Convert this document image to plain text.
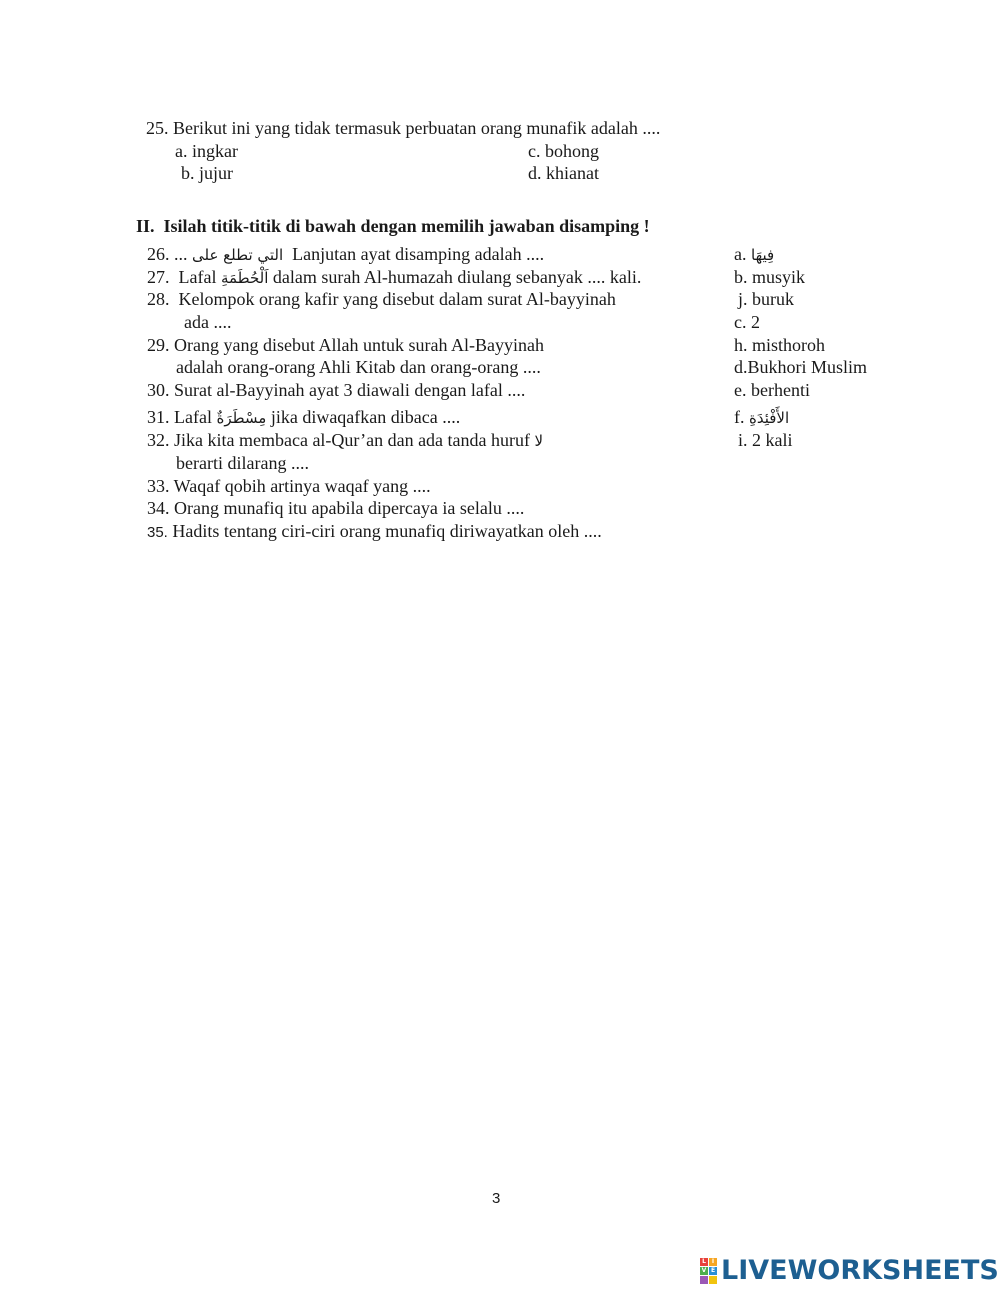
25. Berikut ini yang tidak termasuk perbuatan orang munafik adalah ....
a. ingkar	c. bohong
b. jujur	d. khianat
II.  Isilah titik-titik di bawah dengan memilih jawaban disamping !
26. ... التي تطلع على Lanjutan ayat disamping adalah ....
27.  Lafal اَلْحُطَمَةِ dalam surah Al-humazah diulang sebanyak .... kali.
28.  Kelompok orang kafir yang disebut dalam surat Al-bayyinah
ada ....
29. Orang yang disebut Allah untuk surah Al-Bayyinah
adalah orang-orang Ahli Kitab dan orang-orang ....
30. Surat al-Bayyinah ayat 3 diawali dengan lafal ....
31. Lafal مِسْطَرَةٌ jika diwaqafkan dibaca ....
32. Jika kita membaca al-Qur’an dan ada tanda huruf لا
berarti dilarang ....
33. Waqaf qobih artinya waqaf yang ....
34. Orang munafiq itu apabila dipercaya ia selalu ....
35. Hadits tentang ciri-ciri orang munafiq diriwayatkan oleh ....
a. فِيهَا
b. musyik
j. buruk
c. 2
h. misthoroh
d.Bukhori Muslim
e. berhenti
f. الأَفْئِدَةِ
i. 2 kali
3
L I
V E LIVEWORKSHEETS
